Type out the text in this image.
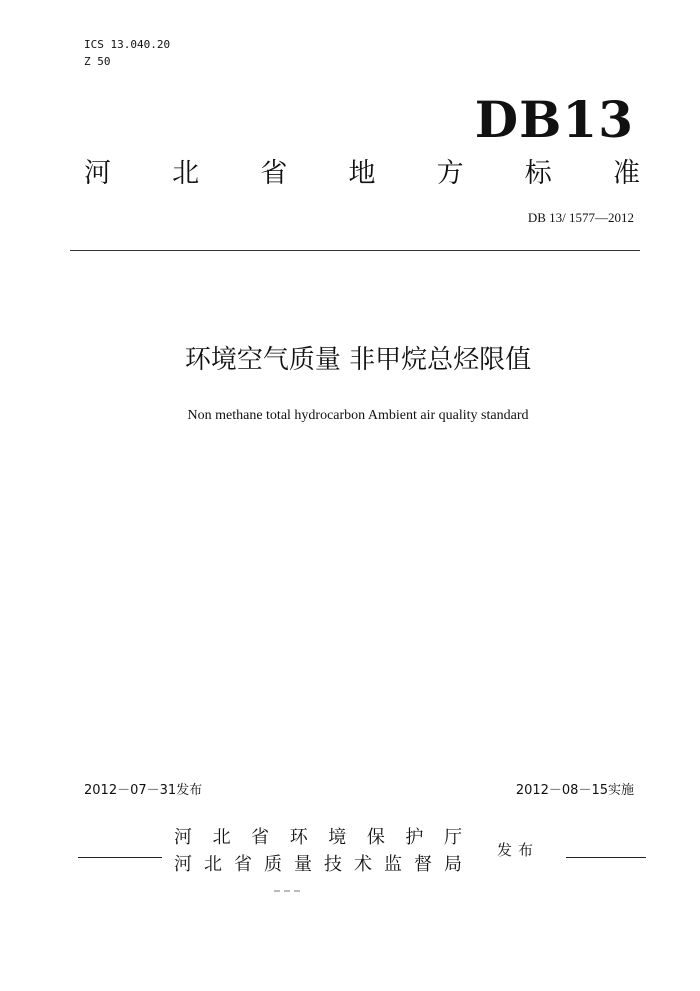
ICS 13.040.20
Z 50
DB13
河 北 省 地 方 标 准
DB 13/ 1577—2012
环境空气质量 非甲烷总烃限值
Non methane total hydrocarbon Ambient air quality standard
2012－07－31发布	2012－08－15实施
河 北 省 环 境 保 护 厅
河 北 省 质 量 技 术 监 督 局
发布
